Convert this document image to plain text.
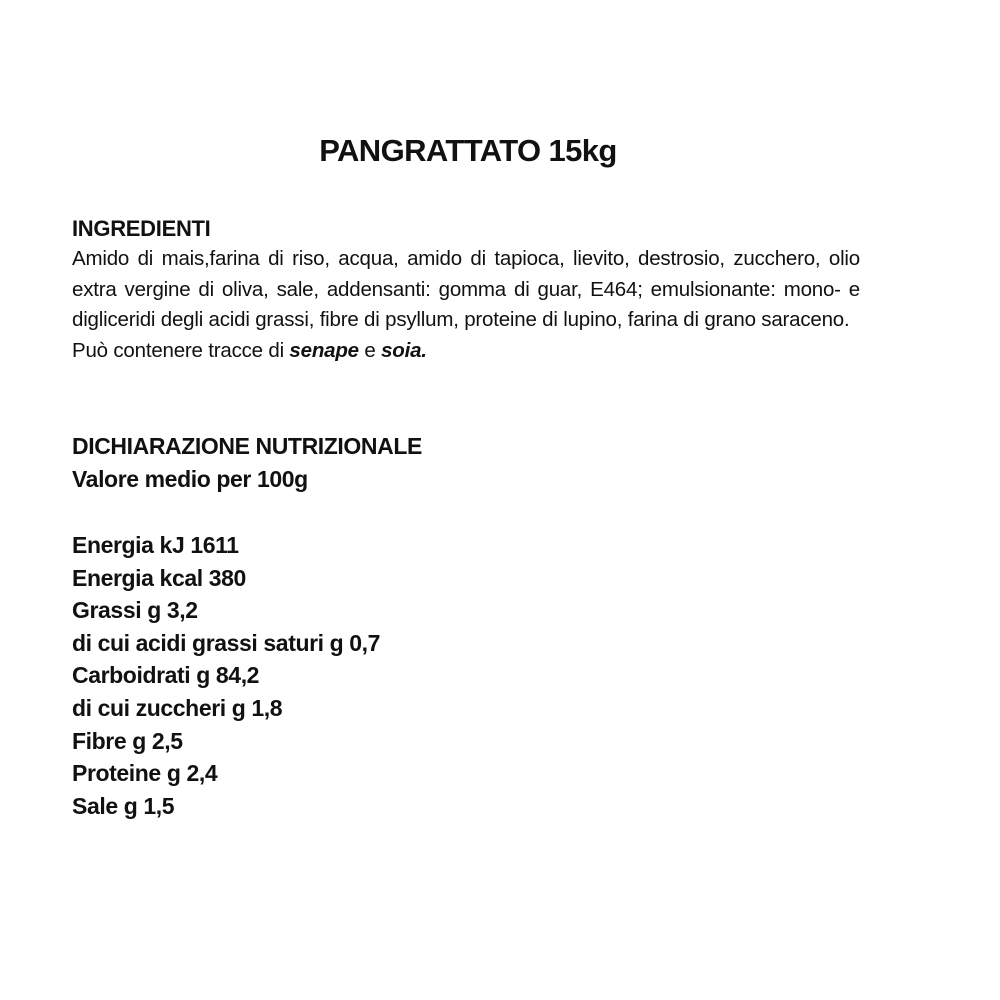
PANGRATTATO 15kg

INGREDIENTI

Amido di mais,farina di riso, acqua, amido di tapioca, lievito, destrosio, zucchero, olio extra vergine di oliva, sale, addensanti: gomma di guar, E464; emulsionante: mono- e digliceridi degli acidi grassi, fibre di psyllum, proteine di lupino, farina di grano saraceno.

Può contenere tracce di senape e soia.

DICHIARAZIONE NUTRIZIONALE

Valore medio per 100g

Energia kJ 1611
Energia kcal 380
Grassi g 3,2
di cui acidi grassi saturi g 0,7
Carboidrati g 84,2
di cui zuccheri g 1,8
Fibre g 2,5
Proteine g 2,4
Sale g 1,5
